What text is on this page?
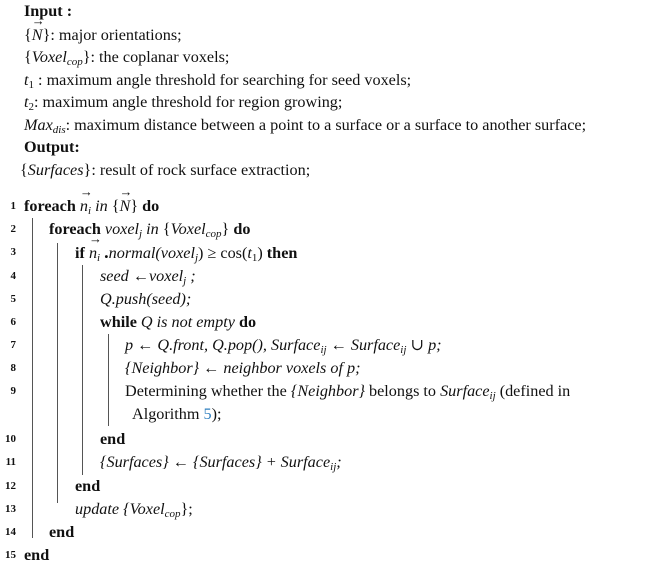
Input :
{→ N}: major orientations;
{Voxel$_{cop}$}: the coplanar voxels;
$t_1$ : maximum angle threshold for searching for seed voxels;
$t_2$: maximum angle threshold for region growing;
Max$_{dis}$: maximum distance between a point to a surface or a surface to another surface;
Output:
{Surfaces}: result of rock surface extraction;
1
2
3
4
5
6
7
8
9
10
11
12
13
14
15
foreach → $n_i$ in {→ N} do
foreach voxel$_j$ in {Voxel$_{cop}$} do
if → $n_i$ .normal(voxel$_j$) ≥ $\cos(t_1)$ then
seed ←voxel$_j$ ;
Q.push(seed);
while Q is not empty do
p ← Q.front, Q.pop(), Surface$_{ij}$ ← Surface$_{ij}$ ∪ p;
{Neighbor} ← neighbor voxels of p;
Determining whether the {Neighbor} belongs to Surface$_{ij}$ (defined in
Algorithm 5);
end
{Surfaces} ← {Surfaces} + Surface$_{ij}$;
end
update {Voxel$_{cop}$};
end
end
